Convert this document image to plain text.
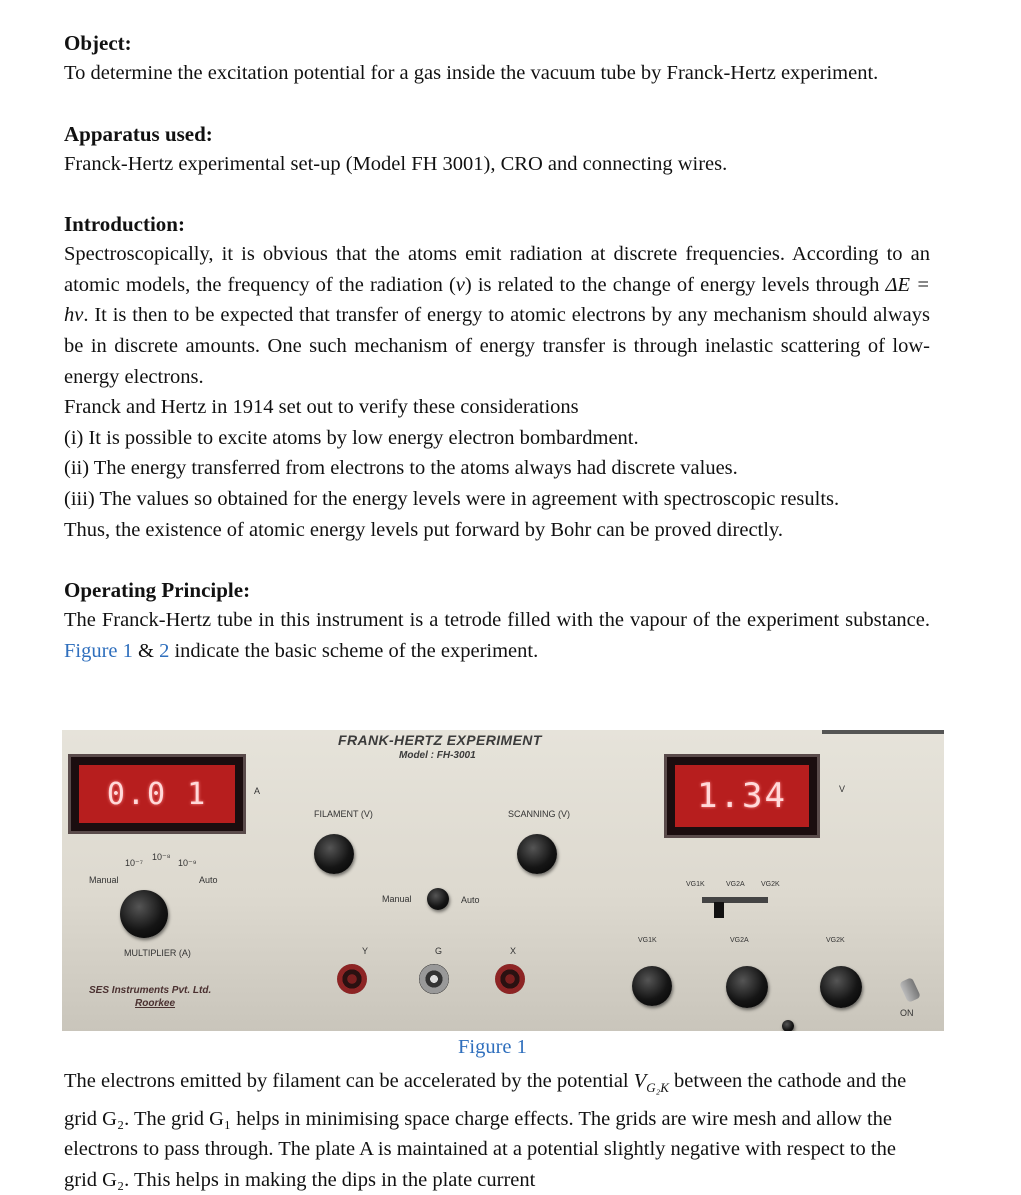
Object:

To determine the excitation potential for a gas inside the vacuum tube by Franck-Hertz experiment.

Apparatus used:

Franck-Hertz experimental set-up (Model FH 3001), CRO and connecting wires.

Introduction:

Spectroscopically, it is obvious that the atoms emit radiation at discrete frequencies. According to an atomic models, the frequency of the radiation (ν) is related to the change of energy levels through ΔE = hν. It is then to be expected that transfer of energy to atomic electrons by any mechanism should always be in discrete amounts. One such mechanism of energy transfer is through inelastic scattering of low-energy electrons.

Franck and Hertz in 1914 set out to verify these considerations

(i) It is possible to excite atoms by low energy electron bombardment.

(ii) The energy transferred from electrons to the atoms always had discrete values.

(iii) The values so obtained for the energy levels were in agreement with spectroscopic results.

Thus, the existence of atomic energy levels put forward by Bohr can be proved directly.

Operating Principle:

The Franck-Hertz tube in this instrument is a tetrode filled with the vapour of the experiment substance. Figure 1 & 2 indicate the basic scheme of the experiment.

FRANK-HERTZ EXPERIMENT
Model : FH-3001
0.0 1	A	1.34	V
FILAMENT (V)	SCANNING (V)
10⁻⁷
10⁻⁸
10⁻⁹
Manual	Auto
MULTIPLIER (A)
Manual	Auto
VG1K	VG2A VG2K
Y	G	X
VG1K	VG2A	VG2K
ON
SES Instruments Pvt. Ltd.
Roorkee
Figure 1

The electrons emitted by filament can be accelerated by the potential $V_{G_2K}$ between the cathode and the grid G₂. The grid G₁ helps in minimising space charge effects. The grids are wire mesh and allow the electrons to pass through. The plate A is maintained at a potential slightly negative with respect to the grid G₂. This helps in making the dips in the plate current
